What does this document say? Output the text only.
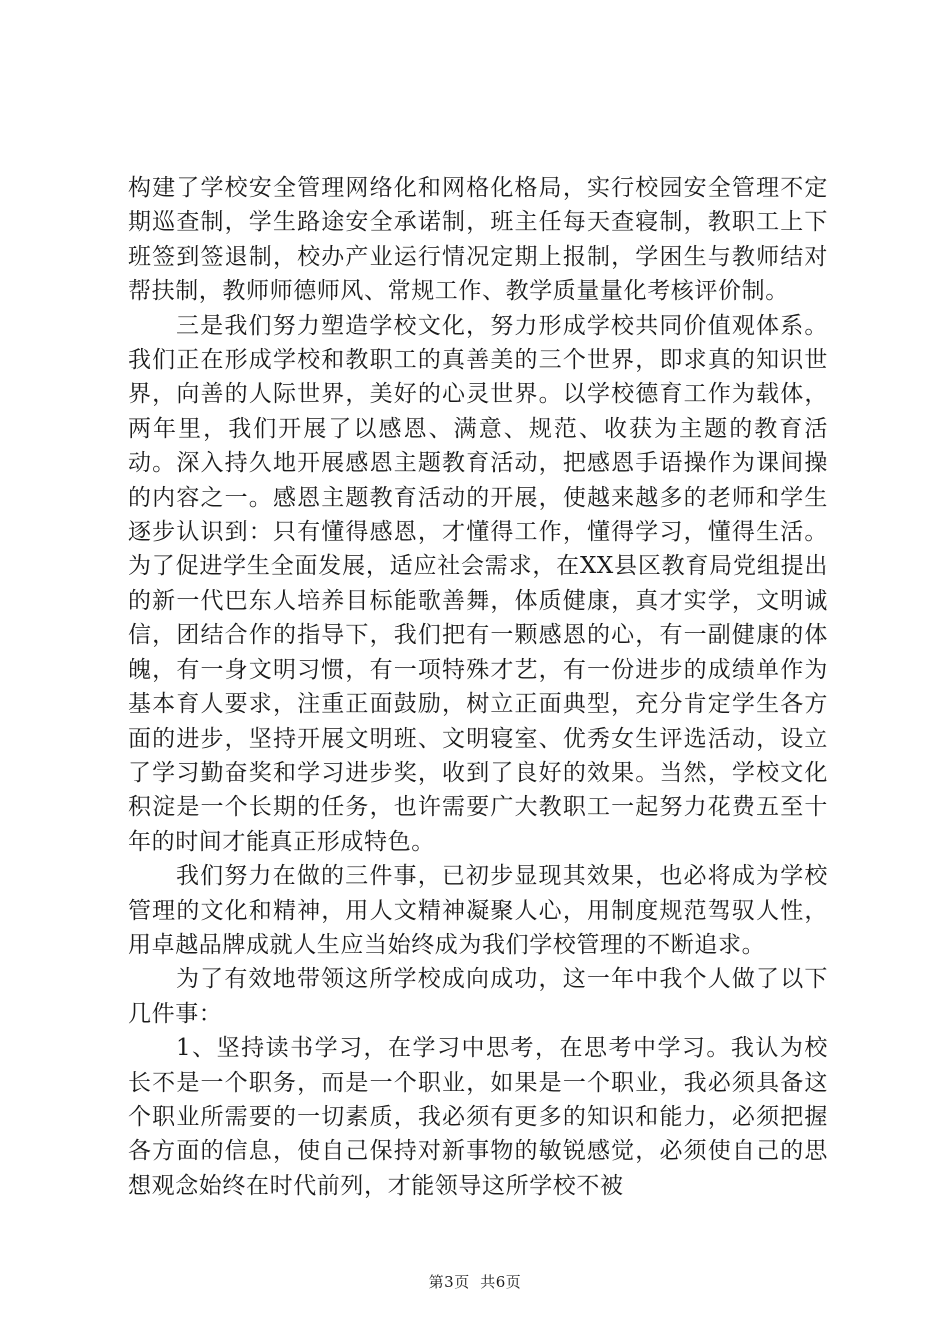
构建了学校安全管理网络化和网格化格局，实行校园安全管理不定期巡查制，学生路途安全承诺制，班主任每天查寝制，教职工上下班签到签退制，校办产业运行情况定期上报制，学困生与教师结对帮扶制，教师师德师风、常规工作、教学质量量化考核评价制。

三是我们努力塑造学校文化，努力形成学校共同价值观体系。我们正在形成学校和教职工的真善美的三个世界，即求真的知识世界，向善的人际世界，美好的心灵世界。以学校德育工作为载体，两年里，我们开展了以感恩、满意、规范、收获为主题的教育活动。深入持久地开展感恩主题教育活动，把感恩手语操作为课间操的内容之一。感恩主题教育活动的开展，使越来越多的老师和学生逐步认识到：只有懂得感恩，才懂得工作，懂得学习，懂得生活。为了促进学生全面发展，适应社会需求，在XX县区教育局党组提出的新一代巴东人培养目标能歌善舞，体质健康，真才实学，文明诚信，团结合作的指导下，我们把有一颗感恩的心，有一副健康的体魄，有一身文明习惯，有一项特殊才艺，有一份进步的成绩单作为基本育人要求，注重正面鼓励，树立正面典型，充分肯定学生各方面的进步，坚持开展文明班、文明寝室、优秀女生评选活动，设立了学习勤奋奖和学习进步奖，收到了良好的效果。当然，学校文化积淀是一个长期的任务，也许需要广大教职工一起努力花费五至十年的时间才能真正形成特色。

我们努力在做的三件事，已初步显现其效果，也必将成为学校管理的文化和精神，用人文精神凝聚人心，用制度规范驾驭人性，用卓越品牌成就人生应当始终成为我们学校管理的不断追求。

为了有效地带领这所学校成向成功，这一年中我个人做了以下几件事：

1、坚持读书学习，在学习中思考，在思考中学习。我认为校长不是一个职务，而是一个职业，如果是一个职业，我必须具备这个职业所需要的一切素质，我必须有更多的知识和能力，必须把握各方面的信息，使自己保持对新事物的敏锐感觉，必须使自己的思想观念始终在时代前列，才能领导这所学校不被

第3页 共6页
